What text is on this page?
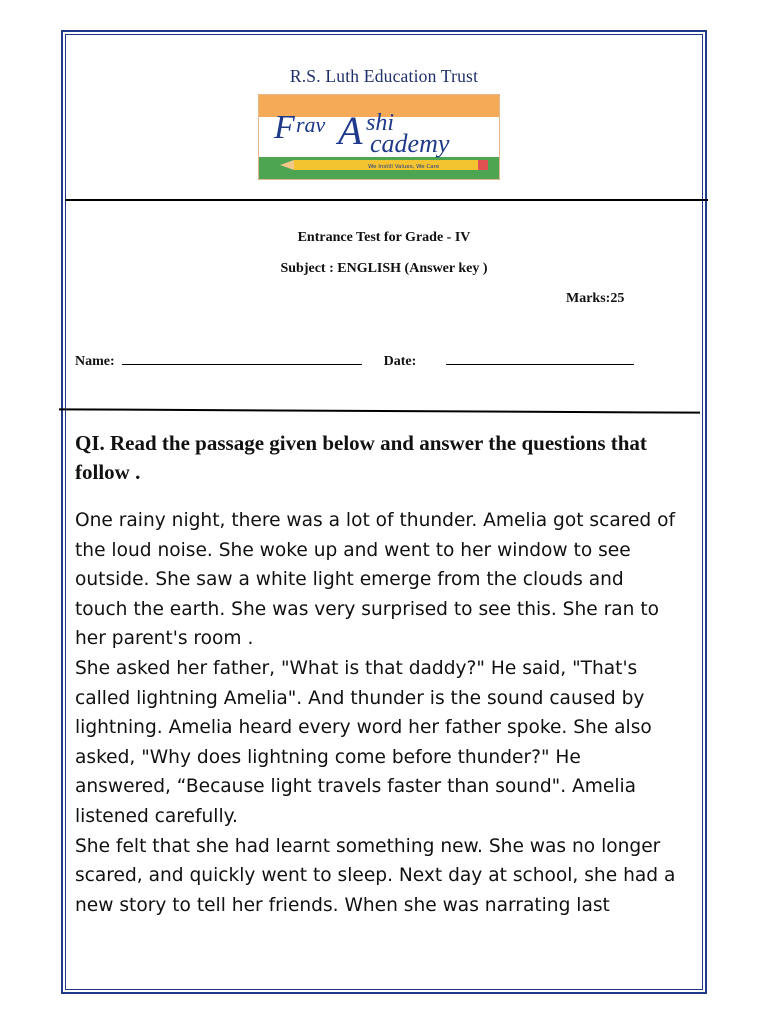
R.S. Luth Education Trust
F rav A shi
cademy
We Instill Values, We Care
Entrance Test for Grade - IV
Subject : ENGLISH (Answer key )
Marks:25
Name:	Date:
QI. Read the passage given below and answer the questions that follow .

One rainy night, there was a lot of thunder. Amelia got scared of

the loud noise. She woke up and went to her window to see

outside. She saw a white light emerge from the clouds and

touch the earth. She was very surprised to see this. She ran to

her parent's room .

She asked her father, "What is that daddy?" He said, "That's

called lightning Amelia". And thunder is the sound caused by

lightning. Amelia heard every word her father spoke. She also

asked, "Why does lightning come before thunder?" He

answered, “Because light travels faster than sound". Amelia

listened carefully.

She felt that she had learnt something new. She was no longer

scared, and quickly went to sleep. Next day at school, she had a

new story to tell her friends. When she was narrating last
